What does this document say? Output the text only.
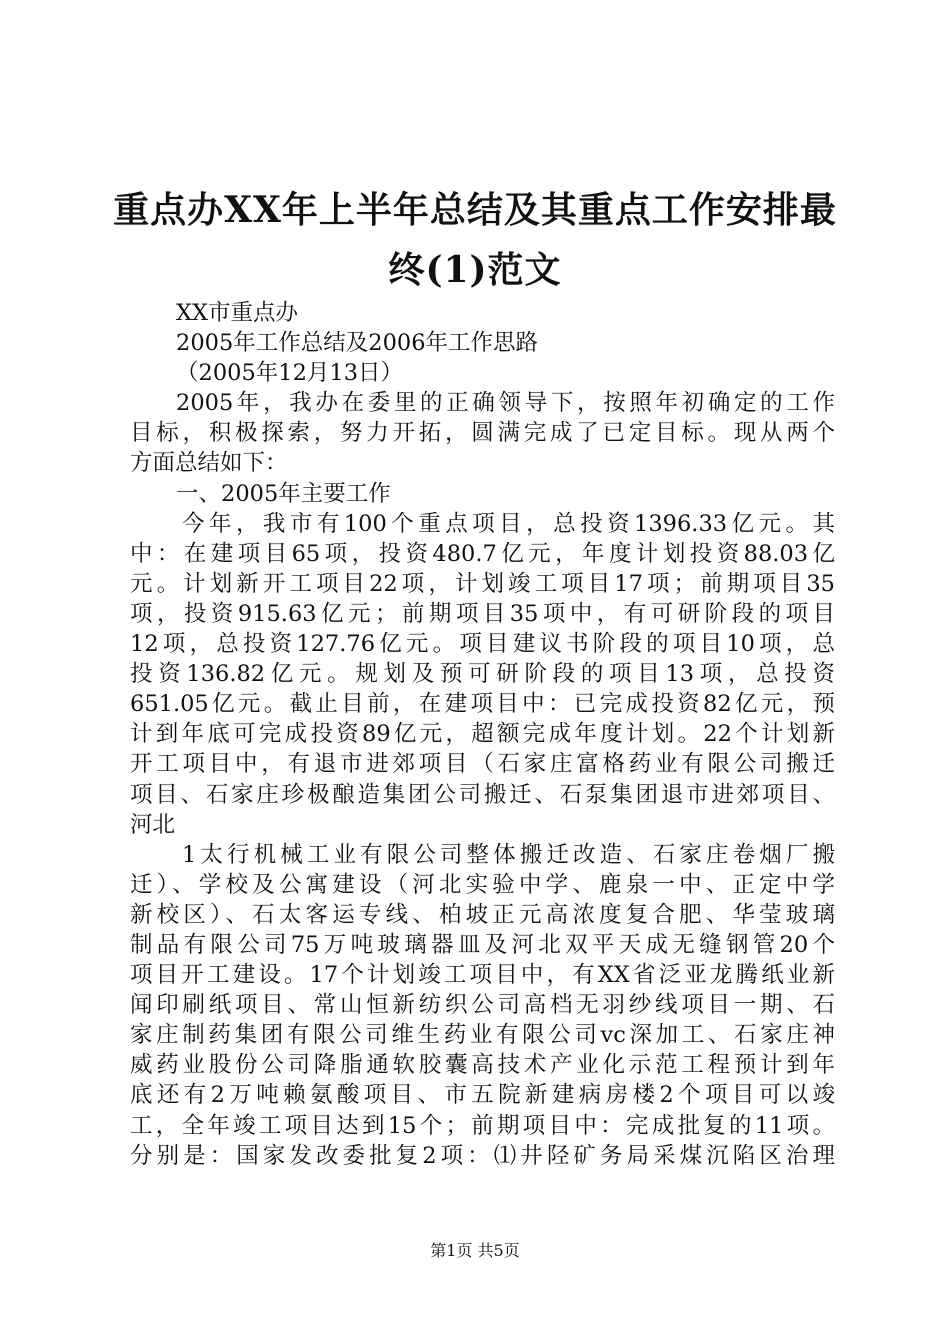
重点办XX年上半年总结及其重点工作安排最
终(1)范文
XX市重点办
2005年工作总结及2006年工作思路
（2005年12月13日）
2005年，我办在委里的正确领导下，按照年初确定的工作
目标，积极探索，努力开拓，圆满完成了已定目标。现从两个
方面总结如下：
一、2005年主要工作
今年，我市有100个重点项目，总投资1396.33亿元。其
中：在建项目65项，投资480.7亿元，年度计划投资88.03亿
元。计划新开工项目22项，计划竣工项目17项；前期项目35
项，投资915.63亿元；前期项目35项中，有可研阶段的项目
12项，总投资127.76亿元。项目建议书阶段的项目10项，总
投资136.82亿元。规划及预可研阶段的项目13项，总投资
651.05亿元。截止目前，在建项目中：已完成投资82亿元，预
计到年底可完成投资89亿元，超额完成年度计划。22个计划新
开工项目中，有退市进郊项目（石家庄富格药业有限公司搬迁
项目、石家庄珍极酿造集团公司搬迁、石泵集团退市进郊项目、
河北
1太行机械工业有限公司整体搬迁改造、石家庄卷烟厂搬
迁）、学校及公寓建设（河北实验中学、鹿泉一中、正定中学
新校区）、石太客运专线、柏坡正元高浓度复合肥、华莹玻璃
制品有限公司75万吨玻璃器皿及河北双平天成无缝钢管20个
项目开工建设。17个计划竣工项目中，有XX省泛亚龙腾纸业新
闻印刷纸项目、常山恒新纺织公司高档无羽纱线项目一期、石
家庄制药集团有限公司维生药业有限公司vc深加工、石家庄神
威药业股份公司降脂通软胶囊高技术产业化示范工程预计到年
底还有2万吨赖氨酸项目、市五院新建病房楼2个项目可以竣
工，全年竣工项目达到15个；前期项目中：完成批复的11项。
分别是：国家发改委批复2项：⑴井陉矿务局采煤沉陷区治理
第1页 共5页
